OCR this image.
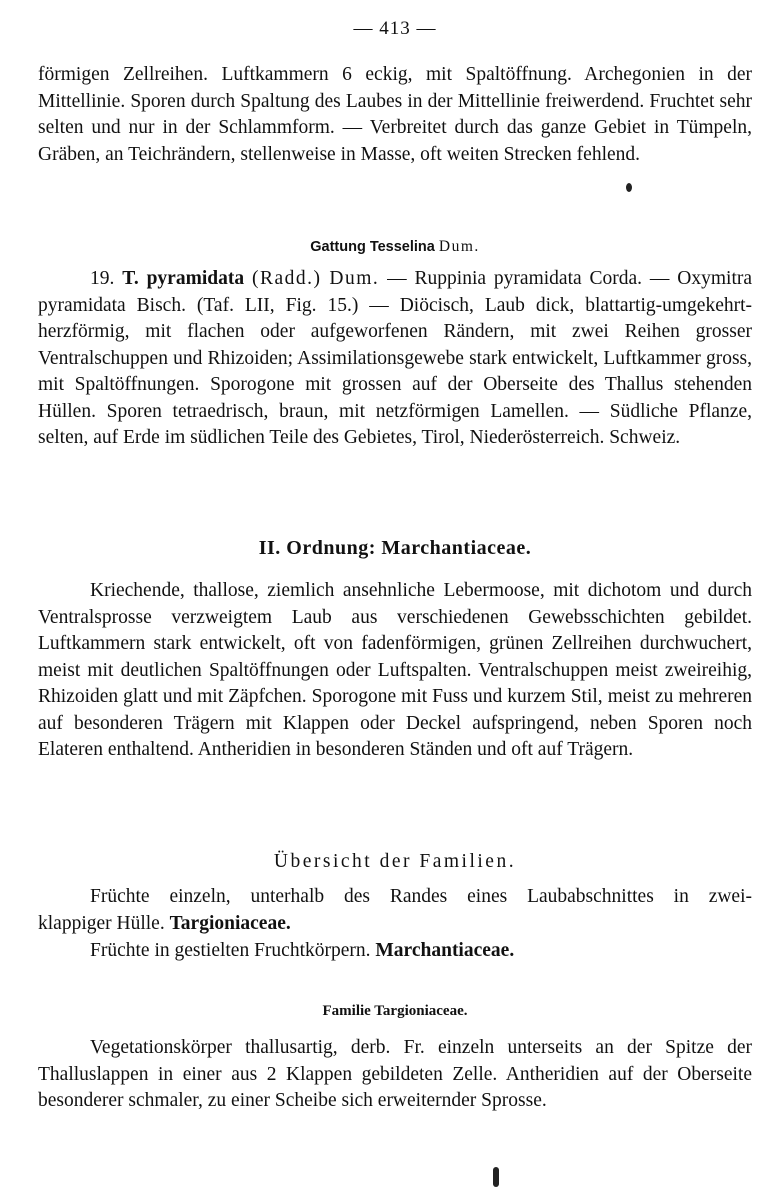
— 413 —

förmigen Zellreihen. Luftkammern 6 eckig, mit Spaltöffnung. Archegonien in der Mittellinie. Sporen durch Spaltung des Laubes in der Mittellinie freiwerdend. Fruchtet sehr selten und nur in der Schlammform. — Verbreitet durch das ganze Gebiet in Tümpeln, Gräben, an Teichrändern, stellenweise in Masse, oft weiten Strecken fehlend.

Gattung Tesselina Dum.

19. T. pyramidata (Radd.) Dum. — Ruppinia pyramidata Corda. — Oxymitra pyramidata Bisch. (Taf. LII, Fig. 15.) — Diöcisch, Laub dick, blattartig-umgekehrt-herzförmig, mit flachen oder aufgeworfenen Rändern, mit zwei Reihen grosser Ventralschuppen und Rhizoiden; Assimilationsgewebe stark entwickelt, Luftkammer gross, mit Spaltöffnungen. Sporogone mit grossen auf der Oberseite des Thallus stehenden Hüllen. Sporen tetraedrisch, braun, mit netzförmigen Lamellen. — Südliche Pflanze, selten, auf Erde im südlichen Teile des Gebietes, Tirol, Niederösterreich. Schweiz.

II. Ordnung: Marchantiaceae.

Kriechende, thallose, ziemlich ansehnliche Lebermoose, mit dichotom und durch Ventralsprosse verzweigtem Laub aus verschiedenen Gewebsschichten gebildet. Luftkammern stark entwickelt, oft von fadenförmigen, grünen Zellreihen durchwuchert, meist mit deutlichen Spaltöffnungen oder Luftspalten. Ventralschuppen meist zweireihig, Rhizoiden glatt und mit Zäpfchen. Sporogone mit Fuss und kurzem Stil, meist zu mehreren auf besonderen Trägern mit Klappen oder Deckel aufspringend, neben Sporen noch Elateren enthaltend. Antheridien in besonderen Ständen und oft auf Trägern.

Übersicht der Familien.

Früchte einzeln, unterhalb des Randes eines Laubabschnittes in zwei-

klappiger Hülle. Targioniaceae.

Früchte in gestielten Fruchtkörpern. Marchantiaceae.

Familie Targioniaceae.

Vegetationskörper thallusartig, derb. Fr. einzeln unterseits an der Spitze der Thalluslappen in einer aus 2 Klappen gebildeten Zelle. Antheridien auf der Oberseite besonderer schmaler, zu einer Scheibe sich erweiternder Sprosse.
